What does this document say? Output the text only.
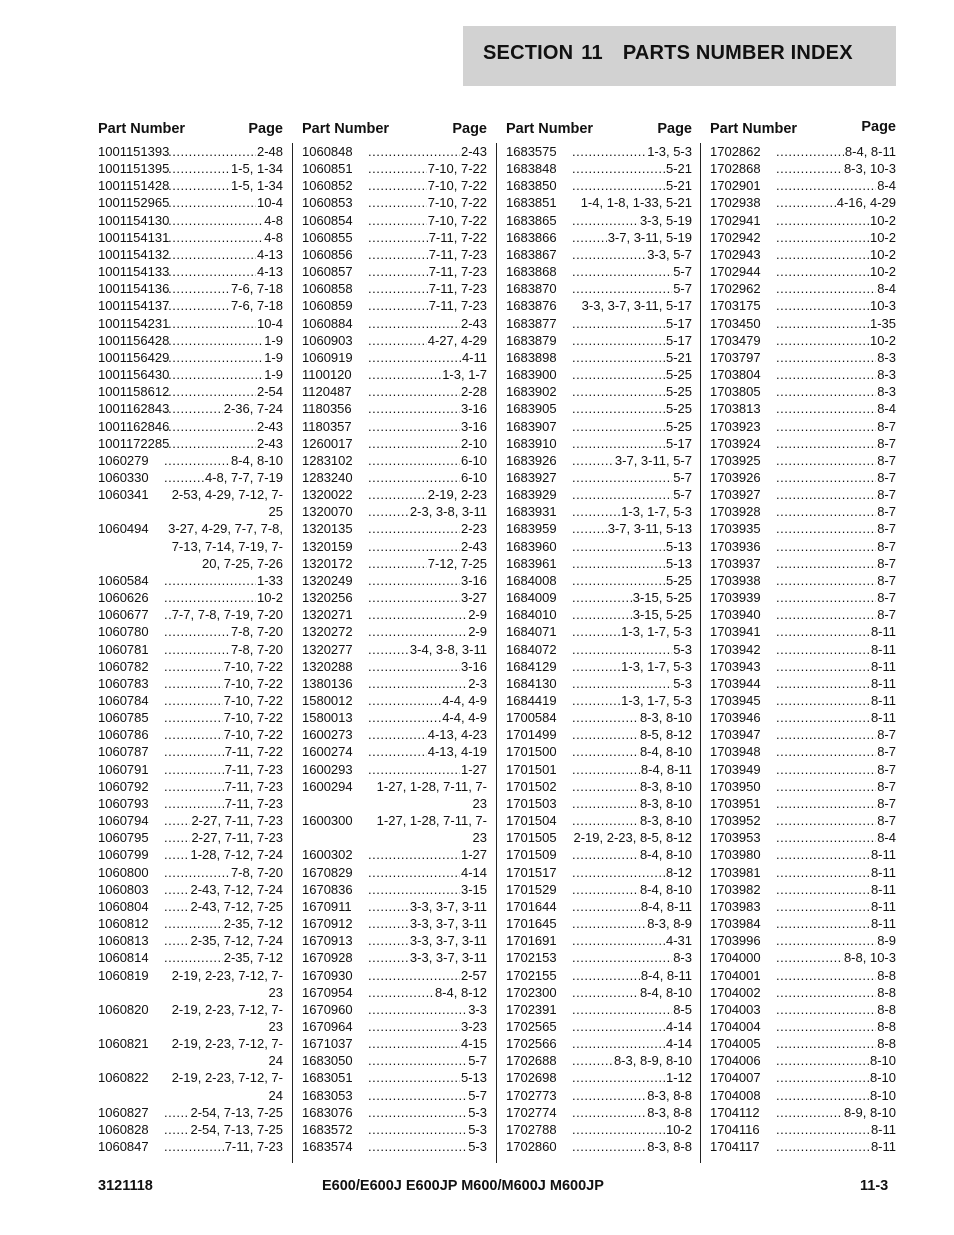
SECTION 11 PARTS NUMBER INDEX
Part Number	Page
1001151393	..... 2-48
1001151395	..... 1-5, 1-34
1001151428	..... 1-5, 1-34
1001152965	..... 10-4
1001154130	..... 4-8
1001154131	..... 4-8
1001154132	..... 4-13
1001154133	..... 4-13
1001154136	..... 7-6, 7-18
1001154137	..... 7-6, 7-18
1001154231	..... 10-4
1001156428	..... 1-9
1001156429	..... 1-9
1001156430	..... 1-9
1001158612	..... 2-54
1001162843	..... 2-36, 7-24
1001162846	..... 2-43
1001172285	..... 2-43
1060279	..... 8-4, 8-10
1060330	..... 4-8, 7-7, 7-19
1060341	2-53, 4-29, 7-12, 7-25
1060494	3-27, 4-29, 7-7, 7-8, 7-13, 7-14, 7-19, 7-20, 7-25, 7-26
1060584	..... 1-33
1060626	..... 10-2
1060677	..... 7-7, 7-8, 7-19, 7-20
1060780	..... 7-8, 7-20
1060781	..... 7-8, 7-20
1060782	..... 7-10, 7-22
1060783	..... 7-10, 7-22
1060784	..... 7-10, 7-22
1060785	..... 7-10, 7-22
1060786	..... 7-10, 7-22
1060787	..... 7-11, 7-22
1060791	..... 7-11, 7-23
1060792	..... 7-11, 7-23
1060793	..... 7-11, 7-23
1060794	..... 2-27, 7-11, 7-23
1060795	..... 2-27, 7-11, 7-23
1060799	..... 1-28, 7-12, 7-24
1060800	..... 7-8, 7-20
1060803	..... 2-43, 7-12, 7-24
1060804	..... 2-43, 7-12, 7-25
1060812	..... 2-35, 7-12
1060813	..... 2-35, 7-12, 7-24
1060814	..... 2-35, 7-12
1060819	2-19, 2-23, 7-12, 7-23
1060820	2-19, 2-23, 7-12, 7-23
1060821	2-19, 2-23, 7-12, 7-24
1060822	2-19, 2-23, 7-12, 7-24
1060827	..... 2-54, 7-13, 7-25
1060828	..... 2-54, 7-13, 7-25
1060847	..... 7-11, 7-23
Part Number	Page
1060848	..... 2-43
1060851	..... 7-10, 7-22
1060852	..... 7-10, 7-22
1060853	..... 7-10, 7-22
1060854	..... 7-10, 7-22
1060855	..... 7-11, 7-22
1060856	..... 7-11, 7-23
1060857	..... 7-11, 7-23
1060858	..... 7-11, 7-23
1060859	..... 7-11, 7-23
1060884	..... 2-43
1060903	..... 4-27, 4-29
1060919	..... 4-11
1100120	..... 1-3, 1-7
1120487	..... 2-28
1180356	..... 3-16
1180357	..... 3-16
1260017	..... 2-10
1283102	..... 6-10
1283240	..... 6-10
1320022	..... 2-19, 2-23
1320070	..... 2-3, 3-8, 3-11
1320135	..... 2-23
1320159	..... 2-43
1320172	..... 7-12, 7-25
1320249	..... 3-16
1320256	..... 3-27
1320271	..... 2-9
1320272	..... 2-9
1320277	..... 3-4, 3-8, 3-11
1320288	..... 3-16
1380136	..... 2-3
1580012	..... 4-4, 4-9
1580013	..... 4-4, 4-9
1600273	..... 4-13, 4-23
1600274	..... 4-13, 4-19
1600293	..... 1-27
1600294	1-27, 1-28, 7-11, 7-23
1600300	1-27, 1-28, 7-11, 7-23
1600302	..... 1-27
1670829	..... 4-14
1670836	..... 3-15
1670911	..... 3-3, 3-7, 3-11
1670912	..... 3-3, 3-7, 3-11
1670913	..... 3-3, 3-7, 3-11
1670928	..... 3-3, 3-7, 3-11
1670930	..... 2-57
1670954	..... 8-4, 8-12
1670960	..... 3-3
1670964	..... 3-23
1671037	..... 4-15
1683050	..... 5-7
1683051	..... 5-13
1683053	..... 5-7
1683076	..... 5-3
1683572	..... 5-3
1683574	..... 5-3
Part Number	Page
1683575	..... 1-3, 5-3
1683848	..... 5-21
1683850	..... 5-21
1683851	1-4, 1-8, 1-33, 5-21
1683865	..... 3-3, 5-19
1683866	..... 3-7, 3-11, 5-19
1683867	..... 3-3, 5-7
1683868	..... 5-7
1683870	..... 5-7
1683876	3-3, 3-7, 3-11, 5-17
1683877	..... 5-17
1683879	..... 5-17
1683898	..... 5-21
1683900	..... 5-25
1683902	..... 5-25
1683905	..... 5-25
1683907	..... 5-25
1683910	..... 5-17
1683926	..... 3-7, 3-11, 5-7
1683927	..... 5-7
1683929	..... 5-7
1683931	..... 1-3, 1-7, 5-3
1683959	..... 3-7, 3-11, 5-13
1683960	..... 5-13
1683961	..... 5-13
1684008	..... 5-25
1684009	..... 3-15, 5-25
1684010	..... 3-15, 5-25
1684071	..... 1-3, 1-7, 5-3
1684072	..... 5-3
1684129	..... 1-3, 1-7, 5-3
1684130	..... 5-3
1684419	..... 1-3, 1-7, 5-3
1700584	..... 8-3, 8-10
1701499	..... 8-5, 8-12
1701500	..... 8-4, 8-10
1701501	..... 8-4, 8-11
1701502	..... 8-3, 8-10
1701503	..... 8-3, 8-10
1701504	..... 8-3, 8-10
1701505	2-19, 2-23, 8-5, 8-12
1701509	..... 8-4, 8-10
1701517	..... 8-12
1701529	..... 8-4, 8-10
1701644	..... 8-4, 8-11
1701645	..... 8-3, 8-9
1701691	..... 4-31
1702153	..... 8-3
1702155	..... 8-4, 8-11
1702300	..... 8-4, 8-10
1702391	..... 8-5
1702565	..... 4-14
1702566	..... 4-14
1702688	..... 8-3, 8-9, 8-10
1702698	..... 1-12
1702773	..... 8-3, 8-8
1702774	..... 8-3, 8-8
1702788	..... 10-2
1702860	..... 8-3, 8-8
Part Number	Page
1702862	..... 8-4, 8-11
1702868	..... 8-3, 10-3
1702901	..... 8-4
1702938	..... 4-16, 4-29
1702941	..... 10-2
1702942	..... 10-2
1702943	..... 10-2
1702944	..... 10-2
1702962	..... 8-4
1703175	..... 10-3
1703450	..... 1-35
1703479	..... 10-2
1703797	..... 8-3
1703804	..... 8-3
1703805	..... 8-3
1703813	..... 8-4
1703923	..... 8-7
1703924	..... 8-7
1703925	..... 8-7
1703926	..... 8-7
1703927	..... 8-7
1703928	..... 8-7
1703935	..... 8-7
1703936	..... 8-7
1703937	..... 8-7
1703938	..... 8-7
1703939	..... 8-7
1703940	..... 8-7
1703941	..... 8-11
1703942	..... 8-11
1703943	..... 8-11
1703944	..... 8-11
1703945	..... 8-11
1703946	..... 8-11
1703947	..... 8-7
1703948	..... 8-7
1703949	..... 8-7
1703950	..... 8-7
1703951	..... 8-7
1703952	..... 8-7
1703953	..... 8-4
1703980	..... 8-11
1703981	..... 8-11
1703982	..... 8-11
1703983	..... 8-11
1703984	..... 8-11
1703996	..... 8-9
1704000	..... 8-8, 10-3
1704001	..... 8-8
1704002	..... 8-8
1704003	..... 8-8
1704004	..... 8-8
1704005	..... 8-8
1704006	..... 8-10
1704007	..... 8-10
1704008	..... 8-10
1704112	..... 8-9, 8-10
1704116	..... 8-11
1704117	..... 8-11
3121118	E600/E600J E600JP M600/M600J M600JP	11-3
